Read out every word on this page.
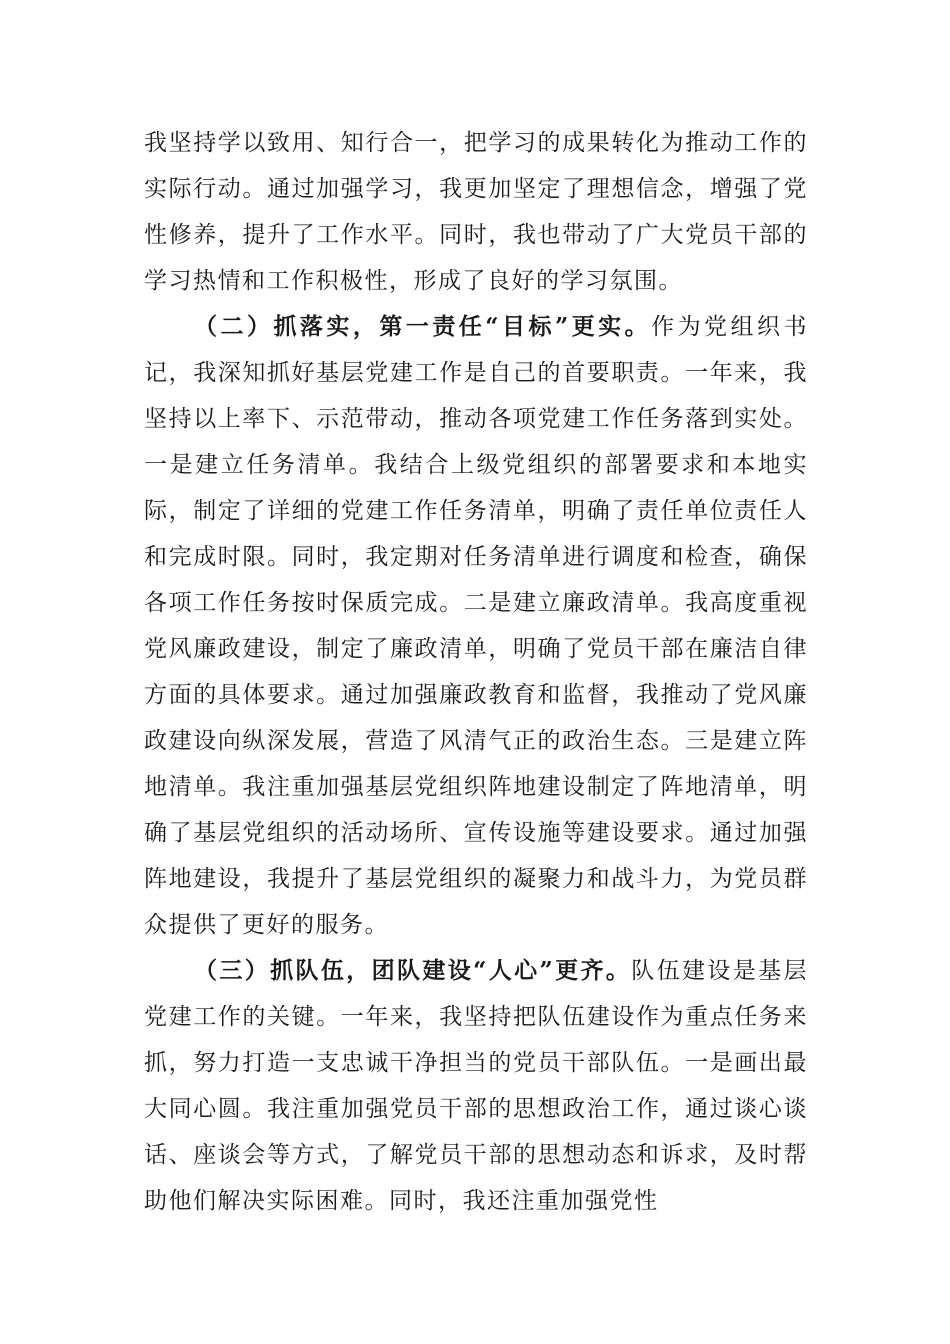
我坚持学以致用、知行合一，把学习的成果转化为推动工作的实际行动。通过加强学习，我更加坚定了理想信念，增强了党性修养，提升了工作水平。同时，我也带动了广大党员干部的学习热情和工作积极性，形成了良好的学习氛围。

（二）抓落实，第一责任“目标”更实。作为党组织书记，我深知抓好基层党建工作是自己的首要职责。一年来，我坚持以上率下、示范带动，推动各项党建工作任务落到实处。一是建立任务清单。我结合上级党组织的部署要求和本地实际，制定了详细的党建工作任务清单，明确了责任单位责任人和完成时限。同时，我定期对任务清单进行调度和检查，确保各项工作任务按时保质完成。二是建立廉政清单。我高度重视党风廉政建设，制定了廉政清单，明确了党员干部在廉洁自律方面的具体要求。通过加强廉政教育和监督，我推动了党风廉政建设向纵深发展，营造了风清气正的政治生态。三是建立阵地清单。我注重加强基层党组织阵地建设制定了阵地清单，明确了基层党组织的活动场所、宣传设施等建设要求。通过加强阵地建设，我提升了基层党组织的凝聚力和战斗力，为党员群众提供了更好的服务。

（三）抓队伍，团队建设“人心”更齐。队伍建设是基层党建工作的关键。一年来，我坚持把队伍建设作为重点任务来抓，努力打造一支忠诚干净担当的党员干部队伍。一是画出最大同心圆。我注重加强党员干部的思想政治工作，通过谈心谈话、座谈会等方式，了解党员干部的思想动态和诉求，及时帮助他们解决实际困难。同时，我还注重加强党性
